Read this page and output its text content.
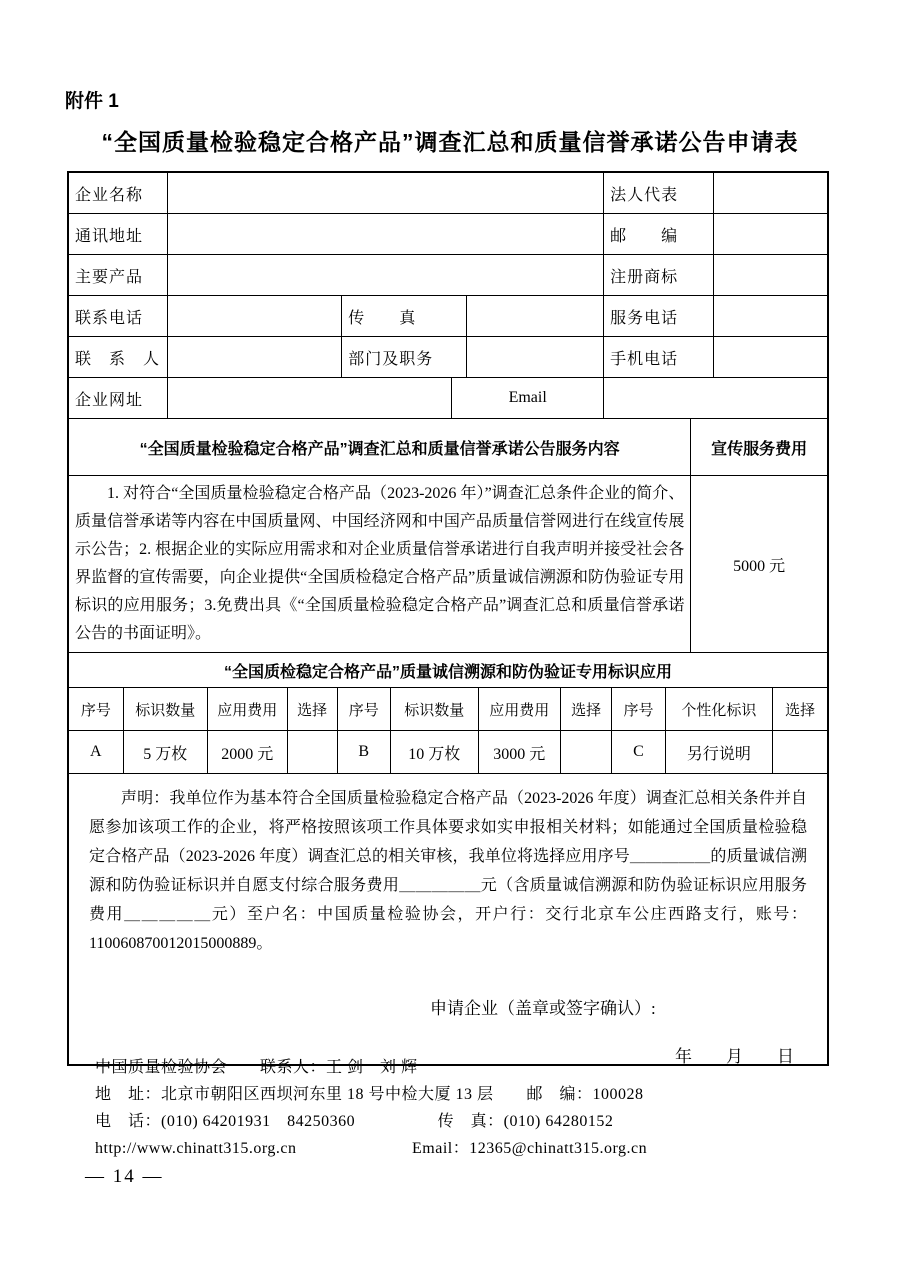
附件 1
“全国质量检验稳定合格产品”调查汇总和质量信誉承诺公告申请表
企业名称		法人代表	
通讯地址		邮　　编	
主要产品		注册商标	
联系电话		传　　真		服务电话	
联　系　人		部门及职务		手机电话	
企业网址		Email	
“全国质量检验稳定合格产品”调查汇总和质量信誉承诺公告服务内容	宣传服务费用

1. 对符合“全国质量检验稳定合格产品（2023-2026 年）”调查汇总条件企业的简介、质量信誉承诺等内容在中国质量网、中国经济网和中国产品质量信誉网进行在线宣传展示公告；2. 根据企业的实际应用需求和对企业质量信誉承诺进行自我声明并接受社会各界监督的宣传需要，向企业提供“全国质检稳定合格产品”质量诚信溯源和防伪验证专用标识的应用服务；3.免费出具《“全国质量检验稳定合格产品”调查汇总和质量信誉承诺公告的书面证明》。	5000 元
“全国质检稳定合格产品”质量诚信溯源和防伪验证专用标识应用
序号	标识数量	应用费用	选择	序号	标识数量	应用费用	选择	序号	个性化标识	选择
A	5 万枚	2000 元		B	10 万枚	3000 元		C	另行说明	

声明：我单位作为基本符合全国质量检验稳定合格产品（2023-2026 年度）调查汇总相关条件并自愿参加该项工作的企业，将严格按照该项工作具体要求如实申报相关材料；如能通过全国质量检验稳定合格产品（2023-2026 年度）调查汇总的相关审核，我单位将选择应用序号＿＿＿＿＿的质量诚信溯源和防伪验证标识并自愿支付综合服务费用＿＿＿＿＿元（含质量诚信溯源和防伪验证标识应用服务费用＿＿＿＿＿元）至户名：中国质量检验协会，开户行：交行北京车公庄西路支行，账号：110060870012015000889。

申请企业（盖章或签字确认）:
年　　月　　日
中国质量检验协会　　联系人：王 剑　刘 辉
地　址：北京市朝阳区西坝河东里 18 号中检大厦 13 层　　邮　编：100028
电　话：(010) 64201931　84250360　　　　　传　真：(010) 64280152
http://www.chinatt315.org.cn　　　　　　　Email：12365@chinatt315.org.cn
— 14 —
